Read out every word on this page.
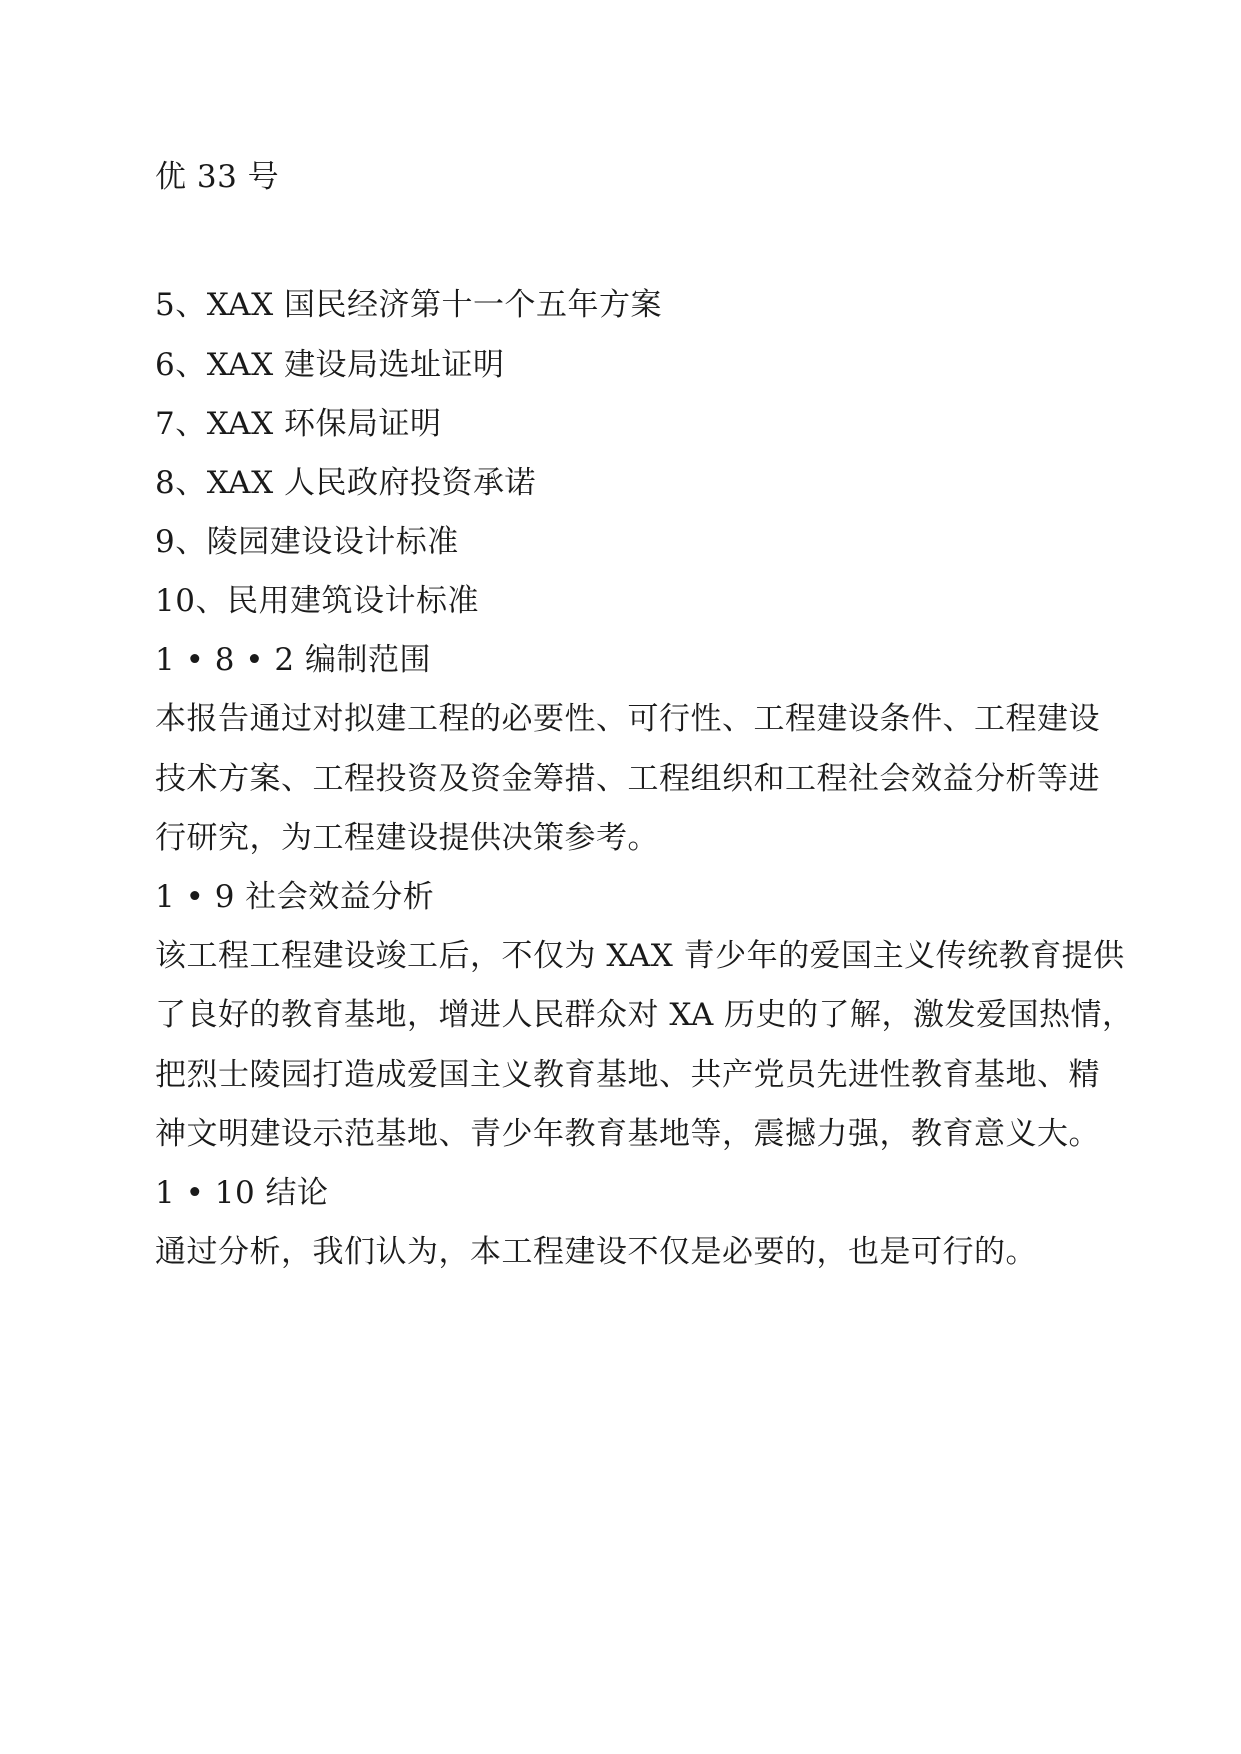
优 33 号
5、XAX 国民经济第十一个五年方案
6、XAX 建设局选址证明
7、XAX 环保局证明
8、XAX 人民政府投资承诺
9、陵园建设设计标准
10、民用建筑设计标准
1 • 8 • 2 编制范围
本报告通过对拟建工程的必要性、可行性、工程建设条件、工程建设
技术方案、工程投资及资金筹措、工程组织和工程社会效益分析等进
行研究，为工程建设提供决策参考。
1 • 9 社会效益分析
该工程工程建设竣工后，不仅为 XAX 青少年的爱国主义传统教育提供
了良好的教育基地，增进人民群众对 XA 历史的了解，激发爱国热情，
把烈士陵园打造成爱国主义教育基地、共产党员先进性教育基地、精
神文明建设示范基地、青少年教育基地等，震撼力强，教育意义大。
1 • 10 结论
通过分析，我们认为，本工程建设不仅是必要的，也是可行的。
